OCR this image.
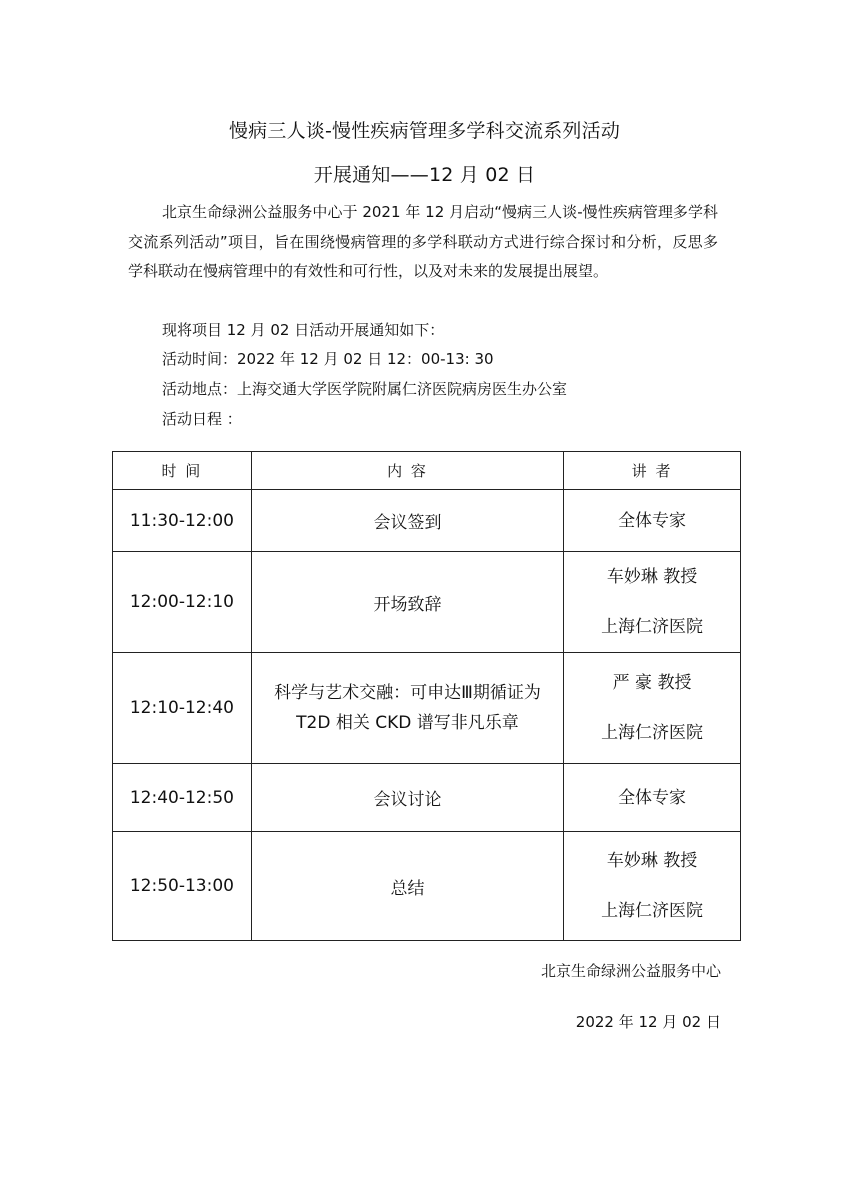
慢病三人谈-慢性疾病管理多学科交流系列活动
开展通知——12 月 02 日

北京生命绿洲公益服务中心于 2021 年 12 月启动“慢病三人谈-慢性疾病管理多学科交流系列活动”项目，旨在围绕慢病管理的多学科联动方式进行综合探讨和分析，反思多学科联动在慢病管理中的有效性和可行性，以及对未来的发展提出展望。

现将项目 12 月 02 日活动开展通知如下：
活动时间：2022 年 12 月 02 日 12：00-13: 30
活动地点：上海交通大学医学院附属仁济医院病房医生办公室
活动日程 ：
时 间	内 容	讲 者
11:30-12:00	会议签到	全体专家

12:00-12:10	开场致辞	车妙琳 教授
上海仁济医院

12:10-12:40	科学与艺术交融：可申达Ⅲ期循证为 T2D 相关 CKD 谱写非凡乐章	严 豪 教授
上海仁济医院

12:40-12:50	会议讨论	全体专家

12:50-13:00	总结	车妙琳 教授
上海仁济医院
北京生命绿洲公益服务中心
2022 年 12 月 02 日
